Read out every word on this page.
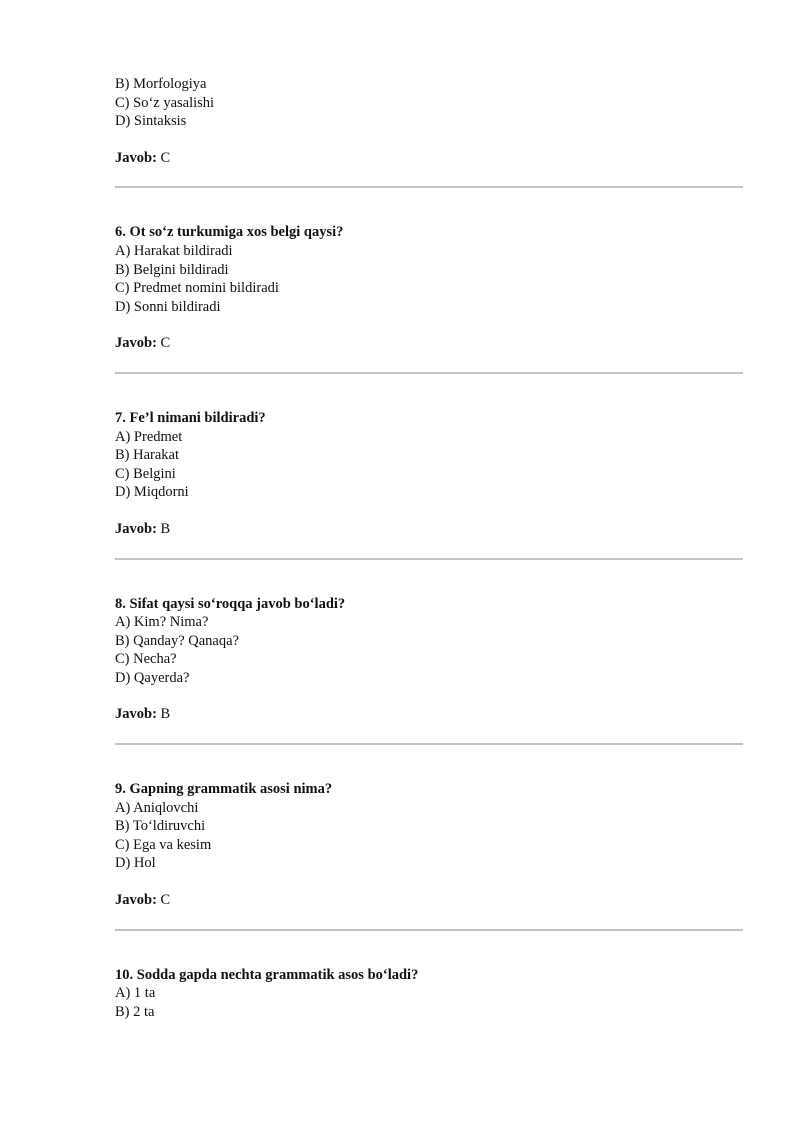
B) Morfologiya
C) So‘z yasalishi
D) Sintaksis
Javob: C
6. Ot so‘z turkumiga xos belgi qaysi?
A) Harakat bildiradi
B) Belgini bildiradi
C) Predmet nomini bildiradi
D) Sonni bildiradi
Javob: C
7. Fe’l nimani bildiradi?
A) Predmet
B) Harakat
C) Belgini
D) Miqdorni
Javob: B
8. Sifat qaysi so‘roqqa javob bo‘ladi?
A) Kim? Nima?
B) Qanday? Qanaqa?
C) Necha?
D) Qayerda?
Javob: B
9. Gapning grammatik asosi nima?
A) Aniqlovchi
B) To‘ldiruvchi
C) Ega va kesim
D) Hol
Javob: C
10. Sodda gapda nechta grammatik asos bo‘ladi?
A) 1 ta
B) 2 ta
